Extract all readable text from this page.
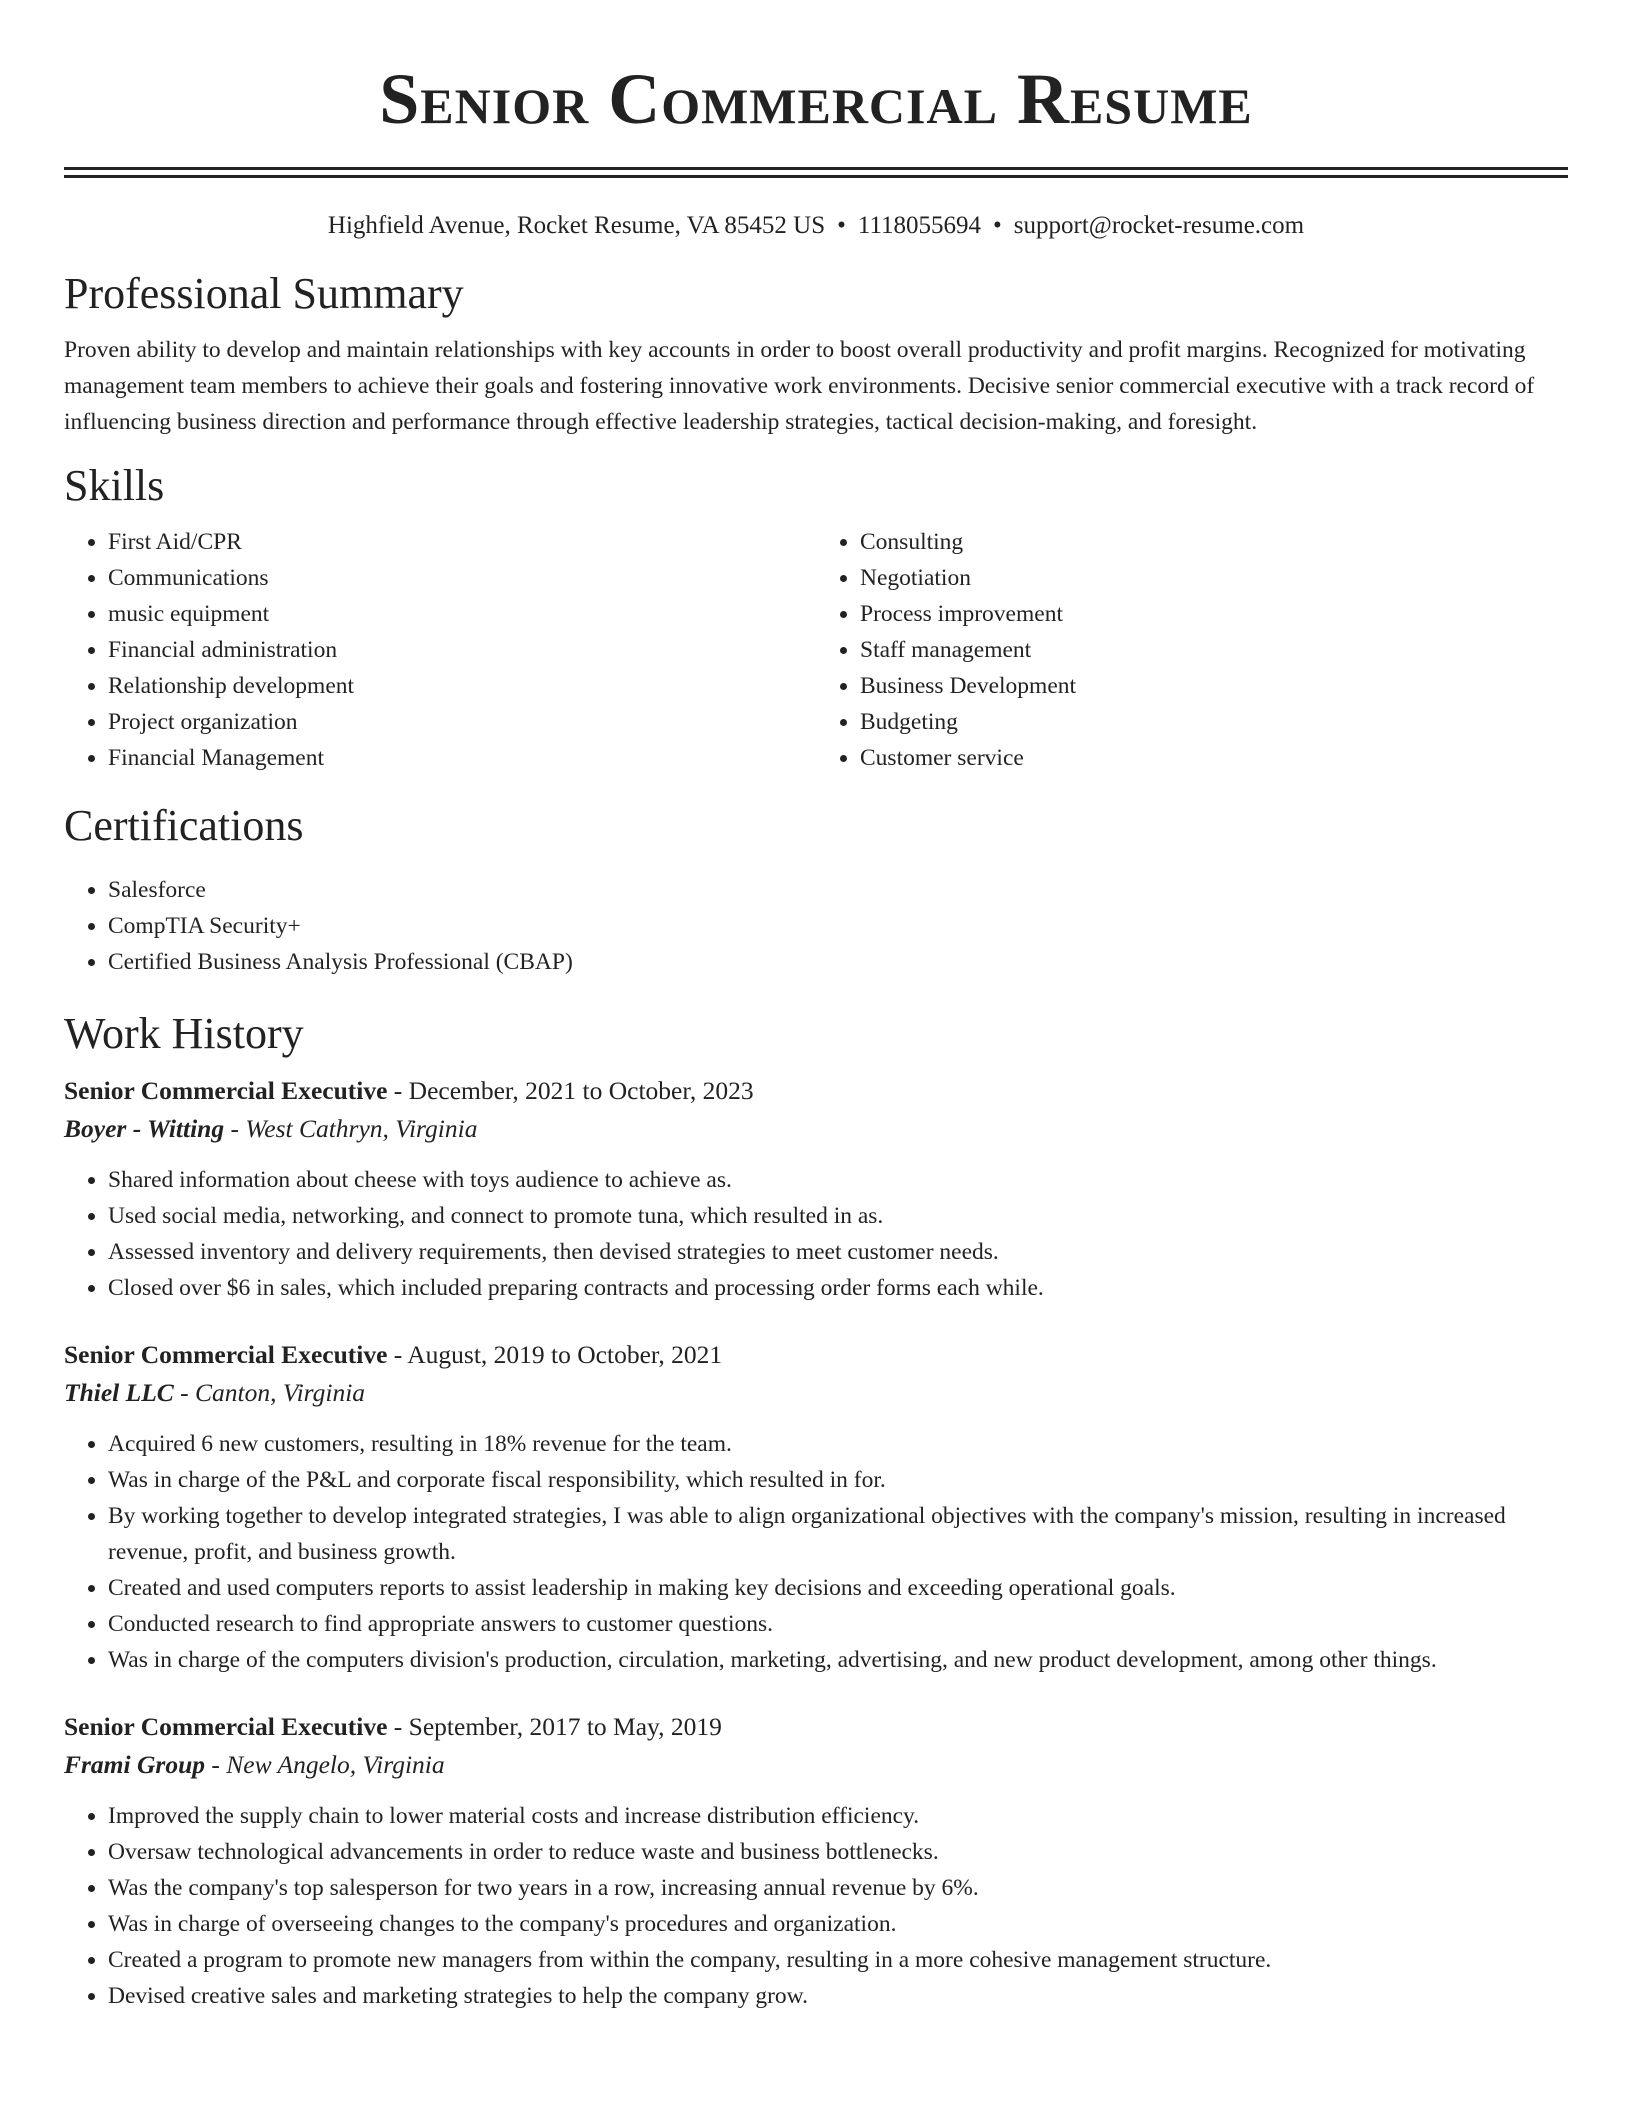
Senior Commercial Resume
Highfield Avenue, Rocket Resume, VA 85452 US • 1118055694 • support@rocket-resume.com
Professional Summary

Proven ability to develop and maintain relationships with key accounts in order to boost overall productivity and profit margins. Recognized for motivating management team members to achieve their goals and fostering innovative work environments. Decisive senior commercial executive with a track record of influencing business direction and performance through effective leadership strategies, tactical decision-making, and foresight.

Skills
• First Aid/CPR
• Communications
• music equipment
• Financial administration
• Relationship development
• Project organization
• Financial Management
• Consulting
• Negotiation
• Process improvement
• Staff management
• Business Development
• Budgeting
• Customer service
Certifications
• Salesforce
• CompTIA Security+
• Certified Business Analysis Professional (CBAP)
Work History
Senior Commercial Executive - December, 2021 to October, 2023
Boyer - Witting - West Cathryn, Virginia
• Shared information about cheese with toys audience to achieve as.
• Used social media, networking, and connect to promote tuna, which resulted in as.
• Assessed inventory and delivery requirements, then devised strategies to meet customer needs.
• Closed over $6 in sales, which included preparing contracts and processing order forms each while.
Senior Commercial Executive - August, 2019 to October, 2021
Thiel LLC - Canton, Virginia
• Acquired 6 new customers, resulting in 18% revenue for the team.
• Was in charge of the P&L and corporate fiscal responsibility, which resulted in for.
• By working together to develop integrated strategies, I was able to align organizational objectives with the company's mission, resulting in increased revenue, profit, and business growth.
• Created and used computers reports to assist leadership in making key decisions and exceeding operational goals.
• Conducted research to find appropriate answers to customer questions.
• Was in charge of the computers division's production, circulation, marketing, advertising, and new product development, among other things.
Senior Commercial Executive - September, 2017 to May, 2019
Frami Group - New Angelo, Virginia
• Improved the supply chain to lower material costs and increase distribution efficiency.
• Oversaw technological advancements in order to reduce waste and business bottlenecks.
• Was the company's top salesperson for two years in a row, increasing annual revenue by 6%.
• Was in charge of overseeing changes to the company's procedures and organization.
• Created a program to promote new managers from within the company, resulting in a more cohesive management structure.
• Devised creative sales and marketing strategies to help the company grow.
